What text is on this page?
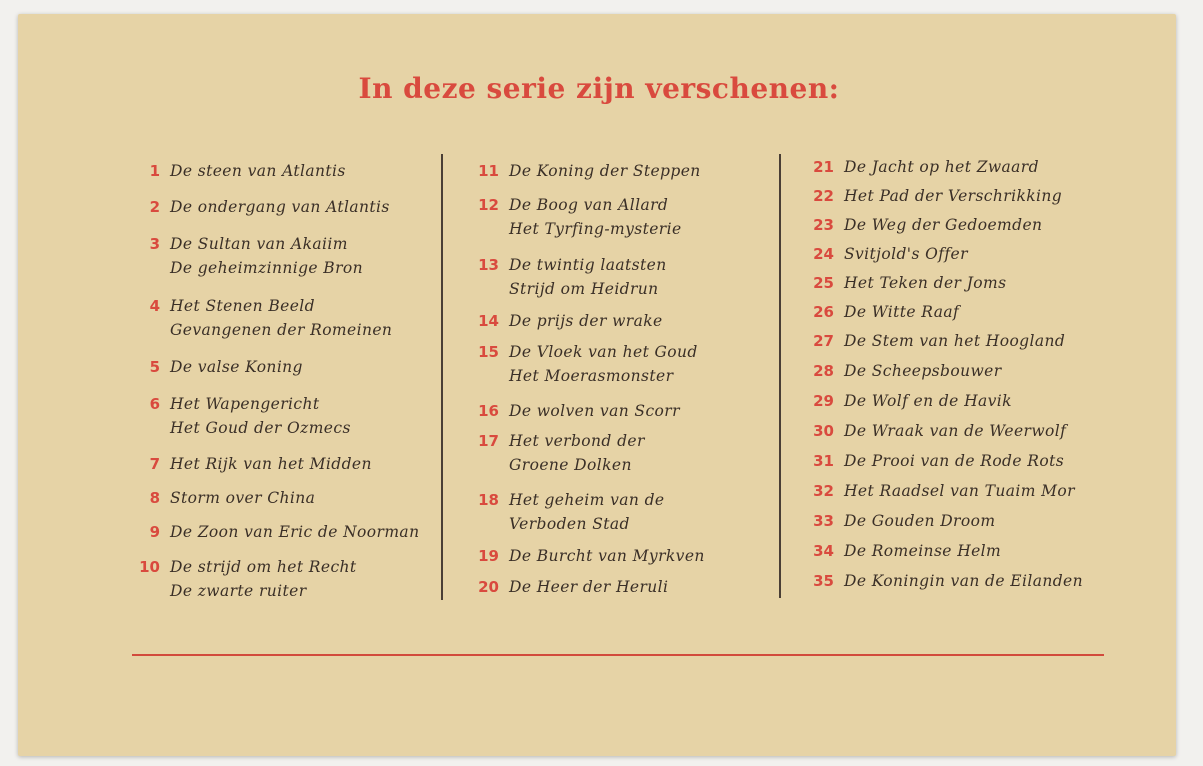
In deze serie zijn verschenen:
1 De steen van Atlantis
2 De ondergang van Atlantis
3 De Sultan van Akaiim
De geheimzinnige Bron
4 Het Stenen Beeld
Gevangenen der Romeinen
5 De valse Koning
6 Het Wapengericht
Het Goud der Ozmecs
7 Het Rijk van het Midden
8 Storm over China
9 De Zoon van Eric de Noorman
10 De strijd om het Recht
De zwarte ruiter
11 De Koning der Steppen
12 De Boog van Allard
Het Tyrfing-mysterie
13 De twintig laatsten
Strijd om Heidrun
14 De prijs der wrake
15 De Vloek van het Goud
Het Moerasmonster
16 De wolven van Scorr
17 Het verbond der
Groene Dolken
18 Het geheim van de
Verboden Stad
19 De Burcht van Myrkven
20 De Heer der Heruli
21 De Jacht op het Zwaard
22 Het Pad der Verschrikking
23 De Weg der Gedoemden
24 Svitjold's Offer
25 Het Teken der Joms
26 De Witte Raaf
27 De Stem van het Hoogland
28 De Scheepsbouwer
29 De Wolf en de Havik
30 De Wraak van de Weerwolf
31 De Prooi van de Rode Rots
32 Het Raadsel van Tuaim Mor
33 De Gouden Droom
34 De Romeinse Helm
35 De Koningin van de Eilanden
